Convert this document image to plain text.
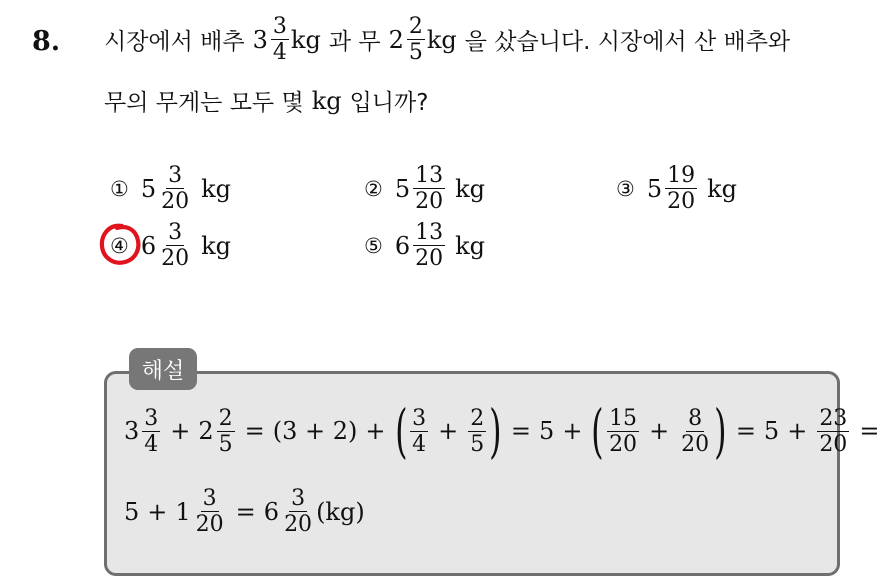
8. 시장에서 배추 $3 \frac{3}{4}$ kg 과 무 $2 \frac{2}{5}$ kg 을 샀습니다. 시장에서 산 배추와
무의 무게는 모두 몇 kg 입니까?
① $5 \frac{3}{20}$ kg	② $5 \frac{13}{20}$ kg	③ $5 \frac{19}{20}$ kg
④ $6 \frac{3}{20}$ kg	⑤ $6 \frac{13}{20}$ kg
해설
$3 \frac{3}{4} + 2 \frac{2}{5} = (3 + 2)$ + ( $\frac{3}{4} + \frac{2}{5}$ ) = 5 + ( $\frac{15}{20} + \frac{8}{20}$ ) = $5 + \frac{23}{20}$ =
$5 + 1 \frac{3}{20} = 6 \frac{3}{20} (kg)$
